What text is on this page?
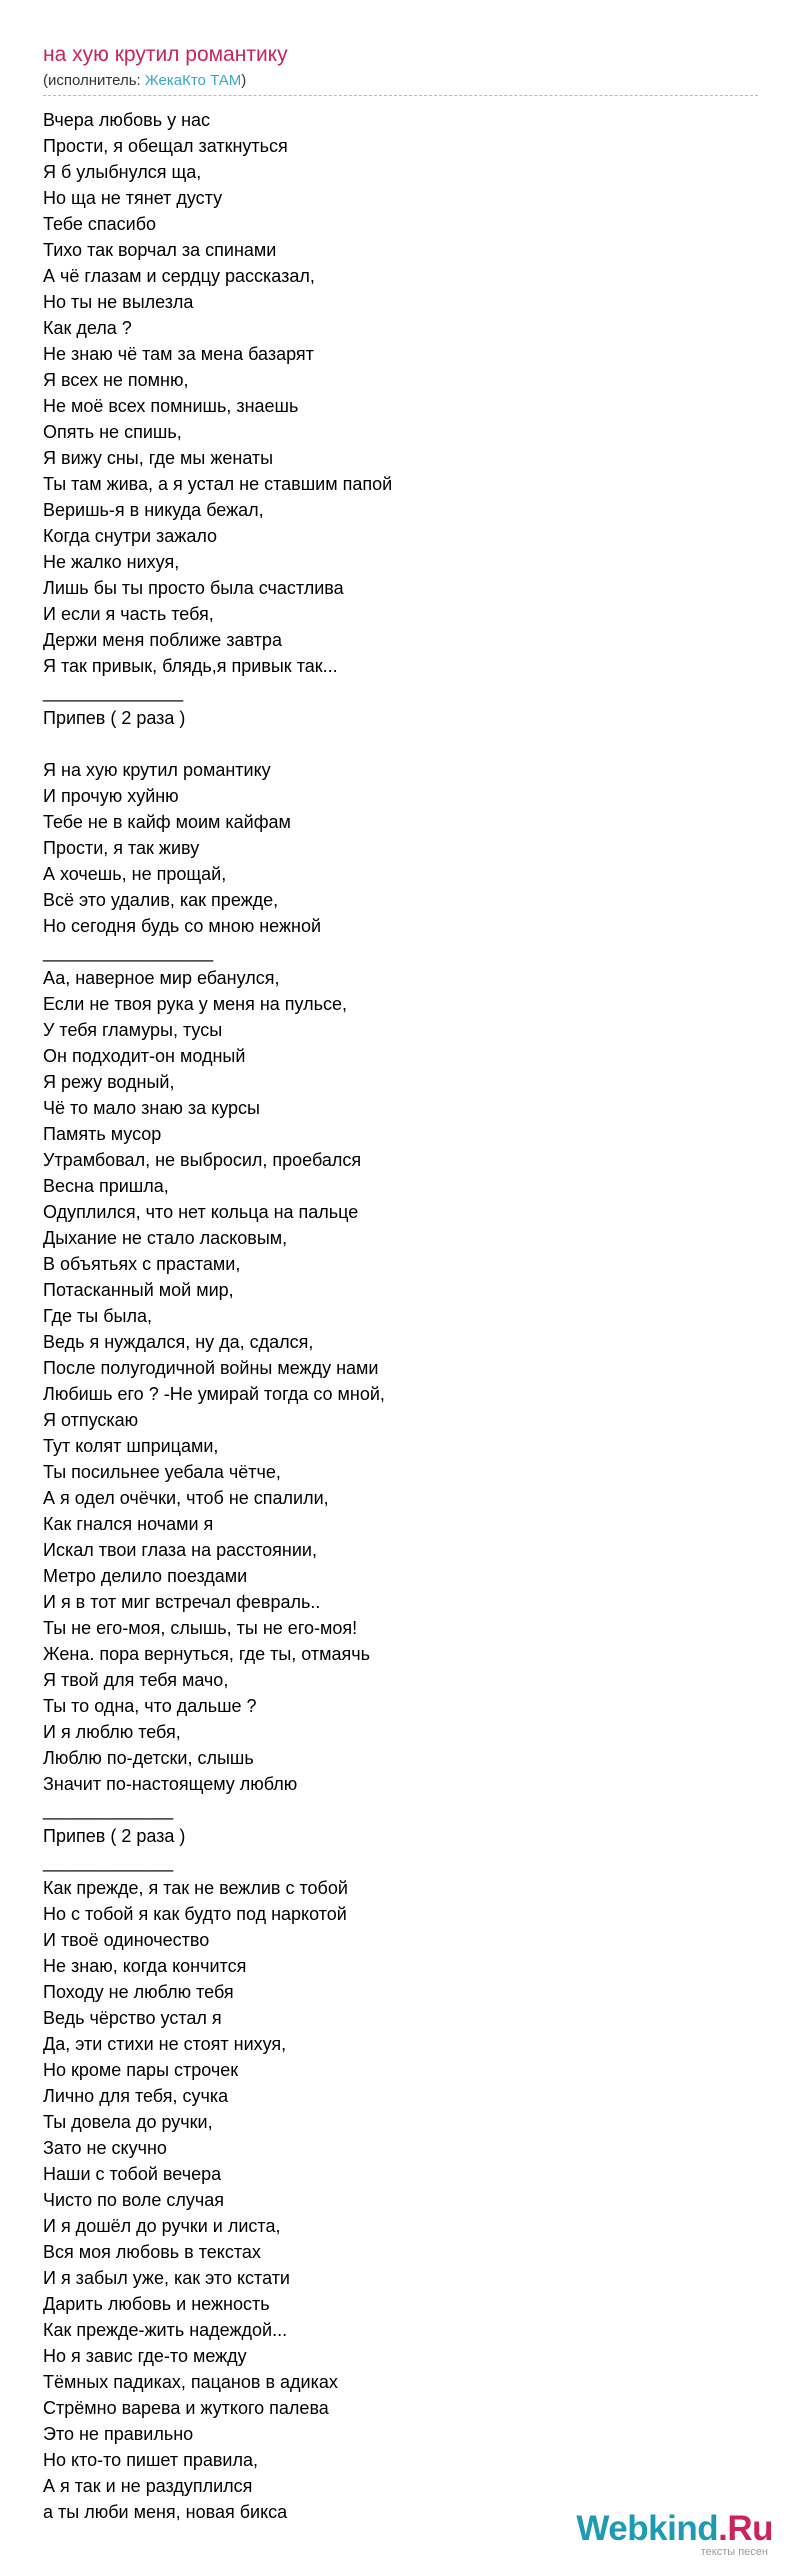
на хую крутил романтику
(исполнитель: ЖекаКто ТАМ)
Вчера любовь у нас
Прости, я обещал заткнуться
Я б улыбнулся ща,
Но ща не тянет дусту
Тебе спасибо
Тихо так ворчал за спинами
А чё глазам и сердцу рассказал,
Но ты не вылезла
Как дела ?
Не знаю чё там за мена базарят
Я всех не помню,
Не моё всех помнишь, знаешь
Опять не спишь,
Я вижу сны, где мы женаты
Ты там жива, а я устал не ставшим папой
Веришь-я в никуда бежал,
Когда снутри зажало
Не жалко нихуя,
Лишь бы ты просто была счастлива
И если я часть тебя,
Держи меня поближе завтра
Я так привык, блядь,я привык так...
______________
Припев ( 2 раза )
Я на хую крутил романтику
И прочую хуйню
Тебе не в кайф моим кайфам
Прости, я так живу
А хочешь, не прощай,
Всё это удалив, как прежде,
Но сегодня будь со мною нежной
_________________
Аа, наверное мир ебанулся,
Если не твоя рука у меня на пульсе,
У тебя гламуры, тусы
Он подходит-он модный
Я режу водный,
Чё то мало знаю за курсы
Память мусор
Утрамбовал, не выбросил, проебался
Весна пришла,
Одуплился, что нет кольца на пальце
Дыхание не стало ласковым,
В объятьях с прастами,
Потасканный мой мир,
Где ты была,
Ведь я нуждался, ну да, сдался,
После полугодичной войны между нами
Любишь его ? -Не умирай тогда со мной,
Я отпускаю
Тут колят шприцами,
Ты посильнее уебала чётче,
А я одел очёчки, чтоб не спалили,
Как гнался ночами я
Искал твои глаза на расстоянии,
Метро делило поездами
И я в тот миг встречал февраль..
Ты не его-моя, слышь, ты не его-моя!
Жена. пора вернуться, где ты, отмаячь
Я твой для тебя мачо,
Ты то одна, что дальше ?
И я люблю тебя,
Люблю по-детски, слышь
Значит по-настоящему люблю
_____________
Припев ( 2 раза )
_____________
Как прежде, я так не вежлив с тобой
Но с тобой я как будто под наркотой
И твоё одиночество
Не знаю, когда кончится
Походу не люблю тебя
Ведь чёрство устал я
Да, эти стихи не стоят нихуя,
Но кроме пары строчек
Лично для тебя, сучка
Ты довела до ручки,
Зато не скучно
Наши с тобой вечера
Чисто по воле случая
И я дошёл до ручки и листа,
Вся моя любовь в текстах
И я забыл уже, как это кстати
Дарить любовь и нежность
Как прежде-жить надеждой...
Но я завис где-то между
Тёмных падиках, пацанов в адиках
Стрёмно варева и жуткого палева
Это не правильно
Но кто-то пишет правила,
А я так и не раздуплился
а ты люби меня, новая бикса	Webkind.Ru
тексты песен
